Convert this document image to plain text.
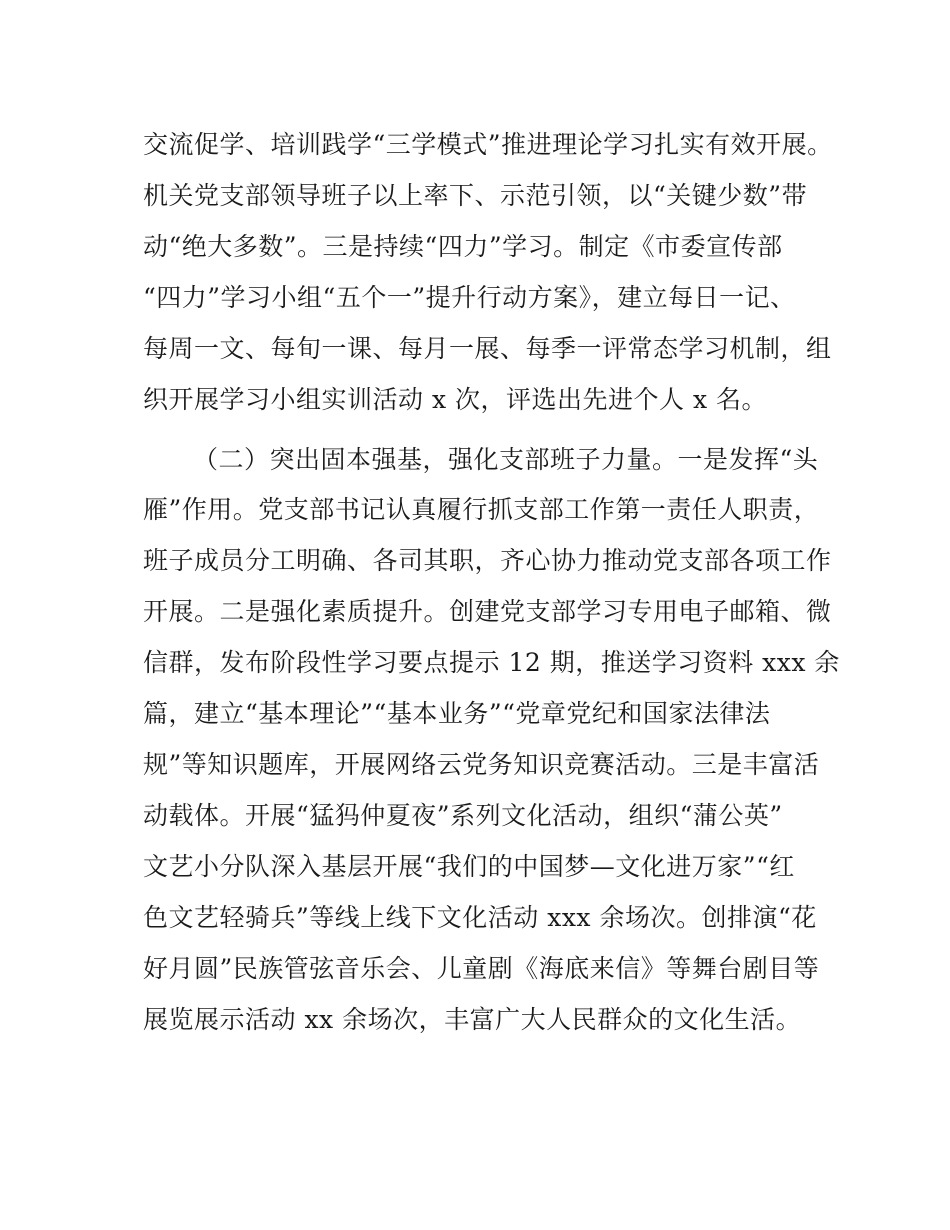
交流促学、培训践学“三学模式”推进理论学习扎实有效开展。
机关党支部领导班子以上率下、示范引领，以“关键少数”带
动“绝大多数”。三是持续“四力”学习。制定《市委宣传部
“四力”学习小组“五个一”提升行动方案》，建立每日一记、
每周一文、每旬一课、每月一展、每季一评常态学习机制，组
织开展学习小组实训活动 x 次，评选出先进个人 x 名。
（二）突出固本强基，强化支部班子力量。一是发挥“头
雁”作用。党支部书记认真履行抓支部工作第一责任人职责，
班子成员分工明确、各司其职，齐心协力推动党支部各项工作
开展。二是强化素质提升。创建党支部学习专用电子邮箱、微
信群，发布阶段性学习要点提示 12 期，推送学习资料 xxx 余
篇，建立“基本理论”“基本业务”“党章党纪和国家法律法
规”等知识题库，开展网络云党务知识竞赛活动。三是丰富活
动载体。开展“猛犸仲夏夜”系列文化活动，组织“蒲公英”
文艺小分队深入基层开展“我们的中国梦—文化进万家”“红
色文艺轻骑兵”等线上线下文化活动 xxx 余场次。创排演“花
好月圆”民族管弦音乐会、儿童剧《海底来信》等舞台剧目等
展览展示活动 xx 余场次，丰富广大人民群众的文化生活。
